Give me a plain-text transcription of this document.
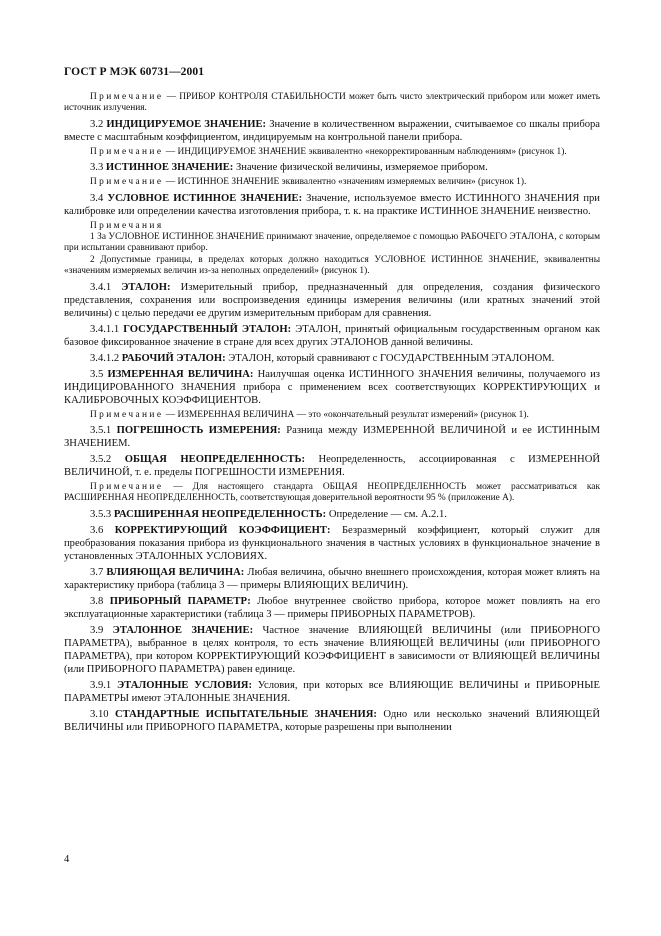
ГОСТ Р МЭК 60731—2001

Примечание — ПРИБОР КОНТРОЛЯ СТАБИЛЬНОСТИ может быть чисто электрический прибором или может иметь источник излучения.

3.2 ИНДИЦИРУЕМОЕ ЗНАЧЕНИЕ: Значение в количественном выражении, считываемое со шкалы прибора вместе с масштабным коэффициентом, индицируемым на контрольной панели прибора.

Примечание — ИНДИЦИРУЕМОЕ ЗНАЧЕНИЕ эквивалентно «некорректированным наблюдениям» (рисунок 1).

3.3 ИСТИННОЕ ЗНАЧЕНИЕ: Значение физической величины, измеряемое прибором.

Примечание — ИСТИННОЕ ЗНАЧЕНИЕ эквивалентно «значениям измеряемых величин» (рисунок 1).

3.4 УСЛОВНОЕ ИСТИННОЕ ЗНАЧЕНИЕ: Значение, используемое вместо ИСТИННОГО ЗНАЧЕНИЯ при калибровке или определении качества изготовления прибора, т. к. на практике ИСТИННОЕ ЗНАЧЕНИЕ неизвестно.

Примечания

1 За УСЛОВНОЕ ИСТИННОЕ ЗНАЧЕНИЕ принимают значение, определяемое с помощью РАБОЧЕГО ЭТАЛОНА, с которым при испытании сравнивают прибор.

2 Допустимые границы, в пределах которых должно находиться УСЛОВНОЕ ИСТИННОЕ ЗНАЧЕНИЕ, эквивалентны «значениям измеряемых величин из-за неполных определений» (рисунок 1).

3.4.1 ЭТАЛОН: Измерительный прибор, предназначенный для определения, создания физического представления, сохранения или воспроизведения единицы измерения величины (или кратных значений этой величины) с целью передачи ее другим измерительным приборам для сравнения.

3.4.1.1 ГОСУДАРСТВЕННЫЙ ЭТАЛОН: ЭТАЛОН, принятый официальным государственным органом как базовое фиксированное значение в стране для всех других ЭТАЛОНОВ данной величины.

3.4.1.2 РАБОЧИЙ ЭТАЛОН: ЭТАЛОН, который сравнивают с ГОСУДАРСТВЕННЫМ ЭТАЛОНОМ.

3.5 ИЗМЕРЕННАЯ ВЕЛИЧИНА: Наилучшая оценка ИСТИННОГО ЗНАЧЕНИЯ величины, получаемого из ИНДИЦИРОВАННОГО ЗНАЧЕНИЯ прибора с применением всех соответствующих КОРРЕКТИРУЮЩИХ и КАЛИБРОВОЧНЫХ КОЭФФИЦИЕНТОВ.

Примечание — ИЗМЕРЕННАЯ ВЕЛИЧИНА — это «окончательный результат измерений» (рисунок 1).

3.5.1 ПОГРЕШНОСТЬ ИЗМЕРЕНИЯ: Разница между ИЗМЕРЕННОЙ ВЕЛИЧИНОЙ и ее ИСТИННЫМ ЗНАЧЕНИЕМ.

3.5.2 ОБЩАЯ НЕОПРЕДЕЛЕННОСТЬ: Неопределенность, ассоциированная с ИЗМЕРЕННОЙ ВЕЛИЧИНОЙ, т. е. пределы ПОГРЕШНОСТИ ИЗМЕРЕНИЯ.

Примечание — Для настоящего стандарта ОБЩАЯ НЕОПРЕДЕЛЕННОСТЬ может рассматриваться как РАСШИРЕННАЯ НЕОПРЕДЕЛЕННОСТЬ, соответствующая доверительной вероятности 95 % (приложение А).

3.5.3 РАСШИРЕННАЯ НЕОПРЕДЕЛЕННОСТЬ: Определение — см. А.2.1.

3.6 КОРРЕКТИРУЮЩИЙ КОЭФФИЦИЕНТ: Безразмерный коэффициент, который служит для преобразования показания прибора из функционального значения в частных условиях в функциональное значение в установленных ЭТАЛОННЫХ УСЛОВИЯХ.

3.7 ВЛИЯЮЩАЯ ВЕЛИЧИНА: Любая величина, обычно внешнего происхождения, которая может влиять на характеристику прибора (таблица 3 — примеры ВЛИЯЮЩИХ ВЕЛИЧИН).

3.8 ПРИБОРНЫЙ ПАРАМЕТР: Любое внутреннее свойство прибора, которое может повлиять на его эксплуатационные характеристики (таблица 3 — примеры ПРИБОРНЫХ ПАРАМЕТРОВ).

3.9 ЭТАЛОННОЕ ЗНАЧЕНИЕ: Частное значение ВЛИЯЮЩЕЙ ВЕЛИЧИНЫ (или ПРИБОРНОГО ПАРАМЕТРА), выбранное в целях контроля, то есть значение ВЛИЯЮЩЕЙ ВЕЛИЧИНЫ (или ПРИБОРНОГО ПАРАМЕТРА), при котором КОРРЕКТИРУЮЩИЙ КОЭФФИЦИЕНТ в зависимости от ВЛИЯЮЩЕЙ ВЕЛИЧИНЫ (или ПРИБОРНОГО ПАРАМЕТРА) равен единице.

3.9.1 ЭТАЛОННЫЕ УСЛОВИЯ: Условия, при которых все ВЛИЯЮЩИЕ ВЕЛИЧИНЫ и ПРИБОРНЫЕ ПАРАМЕТРЫ имеют ЭТАЛОННЫЕ ЗНАЧЕНИЯ.

3.10 СТАНДАРТНЫЕ ИСПЫТАТЕЛЬНЫЕ ЗНАЧЕНИЯ: Одно или несколько значений ВЛИЯЮЩЕЙ ВЕЛИЧИНЫ или ПРИБОРНОГО ПАРАМЕТРА, которые разрешены при выполнении

4
